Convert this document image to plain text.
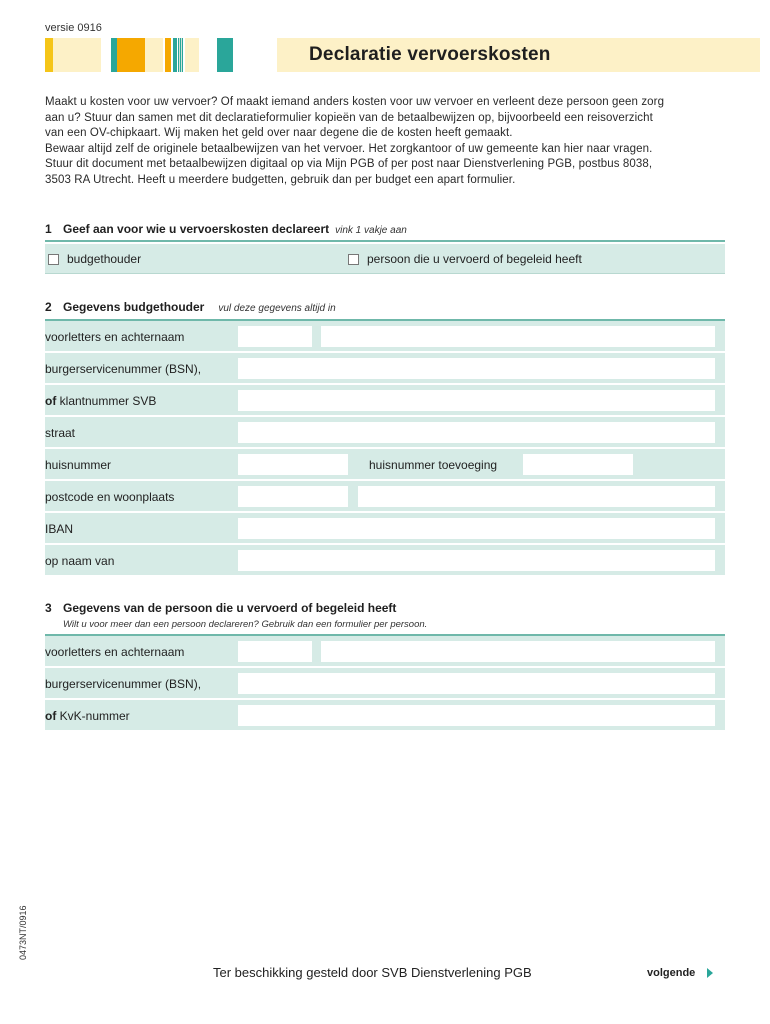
versie 0916
Declaratie vervoerskosten
Maakt u kosten voor uw vervoer? Of maakt iemand anders kosten voor uw vervoer en verleent deze persoon geen zorg
aan u? Stuur dan samen met dit declaratieformulier kopieën van de betaalbewijzen op, bijvoorbeeld een reisoverzicht
van een OV-chipkaart. Wij maken het geld over naar degene die de kosten heeft gemaakt.
Bewaar altijd zelf de originele betaalbewijzen van het vervoer. Het zorgkantoor of uw gemeente kan hier naar vragen.
Stuur dit document met betaalbewijzen digitaal op via Mijn PGB of per post naar Dienstverlening PGB, postbus 8038,
3503 RA Utrecht. Heeft u meerdere budgetten, gebruik dan per budget een apart formulier.
1 Geef aan voor wie u vervoerskosten declareert vink 1 vakje aan
budgethouder	persoon die u vervoerd of begeleid heeft
2 Gegevens budgethouder vul deze gegevens altijd in
voorletters en achternaam
burgerservicenummer (BSN),
of klantnummer SVB
straat
huisnummer	huisnummer toevoeging
postcode en woonplaats
IBAN
op naam van
3 Gegevens van de persoon die u vervoerd of begeleid heeft
Wilt u voor meer dan een persoon declareren? Gebruik dan een formulier per persoon.
voorletters en achternaam
burgerservicenummer (BSN),
of KvK-nummer
0473NT/0916
Ter beschikking gesteld door SVB Dienstverlening PGB	volgende
